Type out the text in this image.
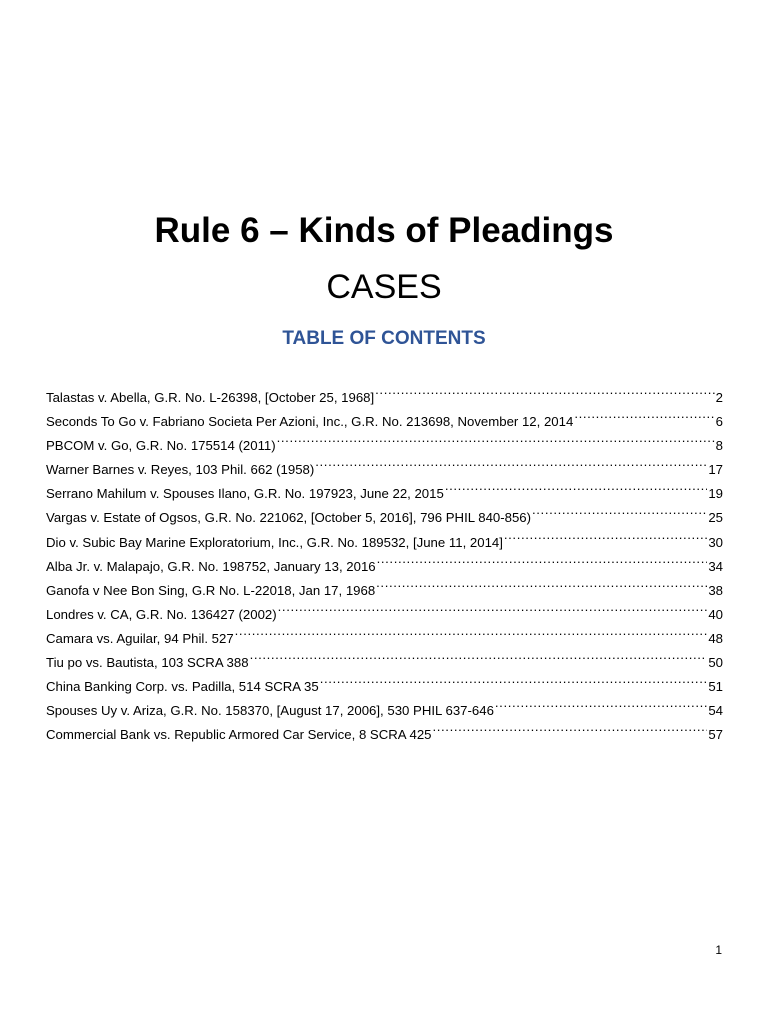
Rule 6 – Kinds of Pleadings
CASES
TABLE OF CONTENTS
Talastas v. Abella, G.R. No. L-26398, [October 25, 1968] .....	2
Seconds To Go v. Fabriano Societa Per Azioni, Inc., G.R. No. 213698, November 12, 2014 .....	6
PBCOM v. Go, G.R. No. 175514 (2011) .....	8
Warner Barnes v. Reyes, 103 Phil. 662 (1958) .....	17
Serrano Mahilum v. Spouses Ilano, G.R. No. 197923, June 22, 2015 .....	19
Vargas v. Estate of Ogsos, G.R. No. 221062, [October 5, 2016], 796 PHIL 840-856) .....	25
Dio v. Subic Bay Marine Exploratorium, Inc., G.R. No. 189532, [June 11, 2014] .....	30
Alba Jr. v. Malapajo, G.R. No. 198752, January 13, 2016 .....	34
Ganofa v Nee Bon Sing, G.R No. L-22018, Jan 17, 1968 .....	38
Londres v. CA, G.R. No. 136427 (2002) .....	40
Camara vs. Aguilar, 94 Phil. 527 .....	48
Tiu po vs. Bautista, 103 SCRA 388 .....	50
China Banking Corp. vs. Padilla, 514 SCRA 35 .....	51
Spouses Uy v. Ariza, G.R. No. 158370, [August 17, 2006], 530 PHIL 637-646 .....	54
Commercial Bank vs. Republic Armored Car Service, 8 SCRA 425 .....	57
1
